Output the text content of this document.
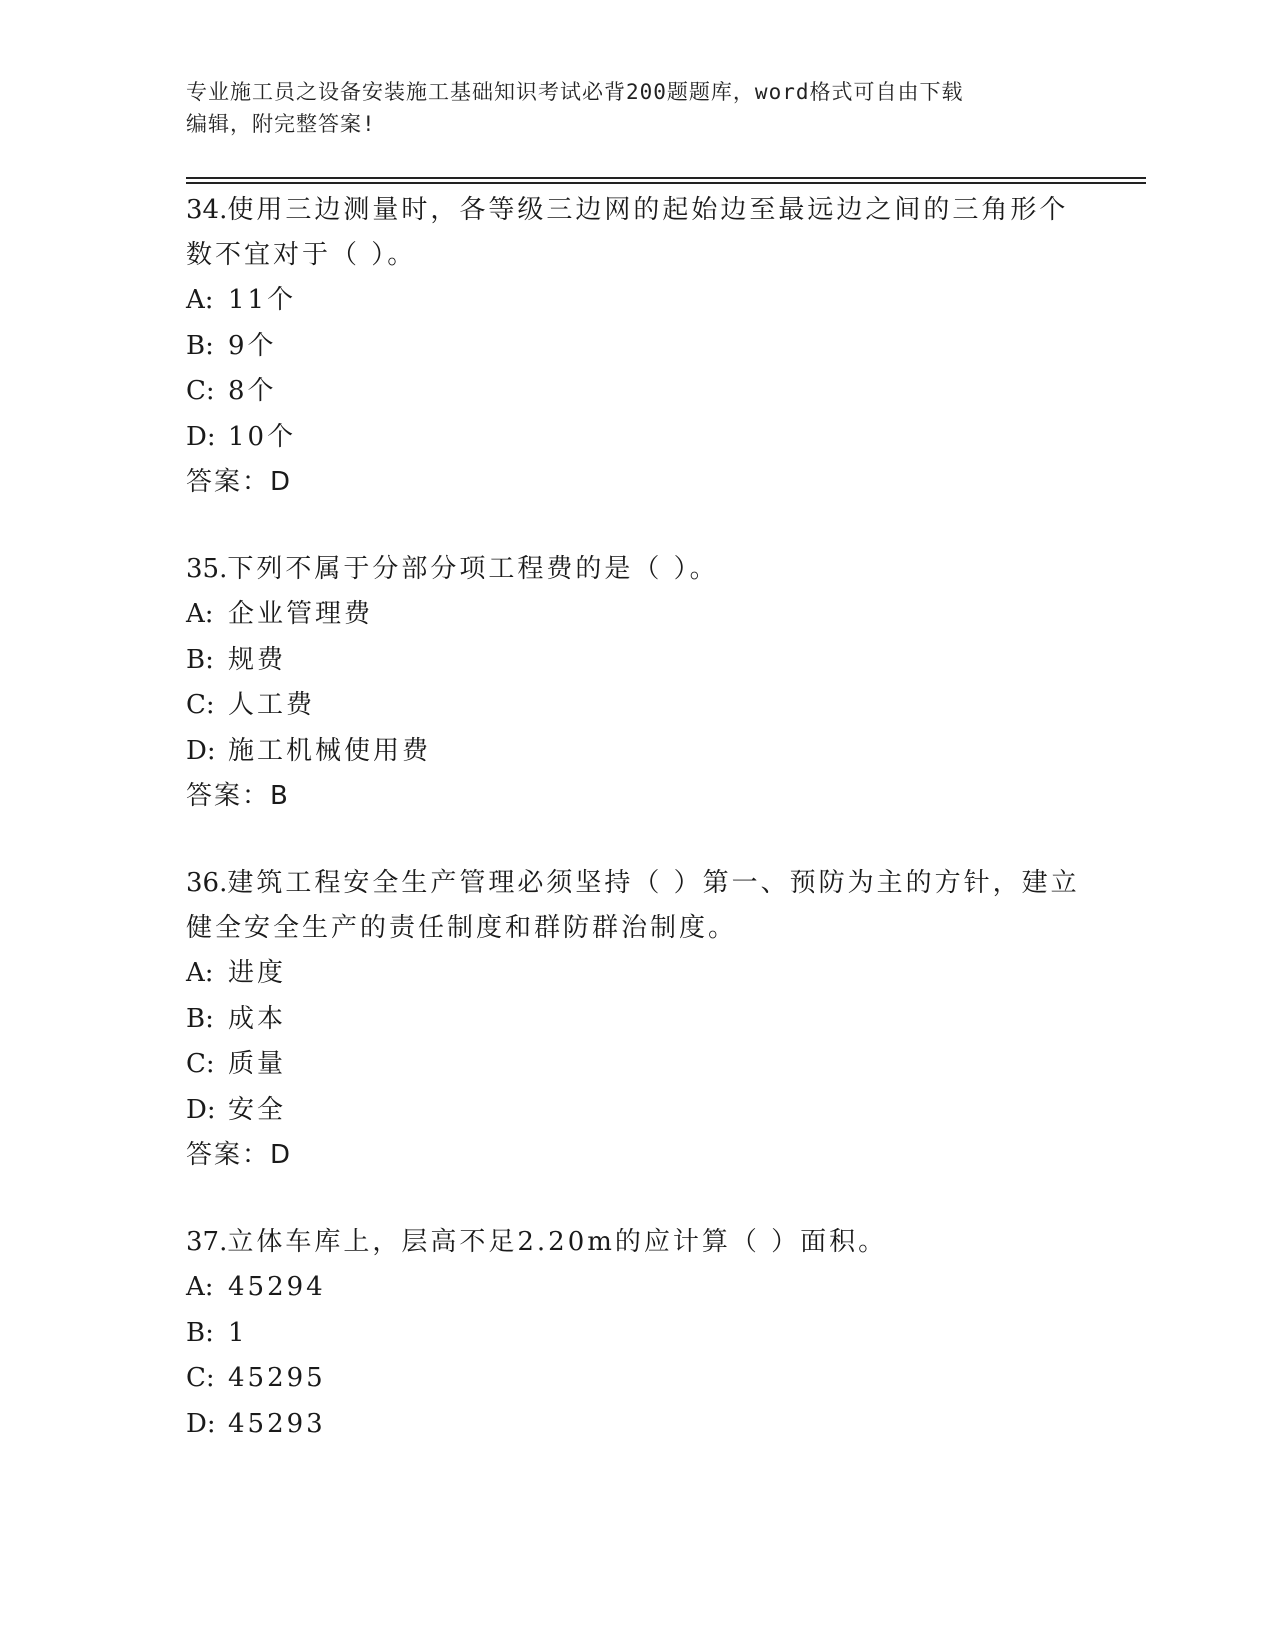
专业施工员之设备安装施工基础知识考试必背200题题库，word格式可自由下载
编辑，附完整答案!

34.使用三边测量时，各等级三边网的起始边至最远边之间的三角形个数不宜对于（ ）。

A: 11个
B: 9个
C: 8个
D: 10个
答案：D

35.下列不属于分部分项工程费的是（ ）。

A: 企业管理费
B: 规费
C: 人工费
D: 施工机械使用费
答案：B

36.建筑工程安全生产管理必须坚持（ ）第一、预防为主的方针，建立健全安全生产的责任制度和群防群治制度。

A: 进度
B: 成本
C: 质量
D: 安全
答案：D

37.立体车库上，层高不足2.20m的应计算（ ）面积。

A: 45294
B: 1
C: 45295
D: 45293
